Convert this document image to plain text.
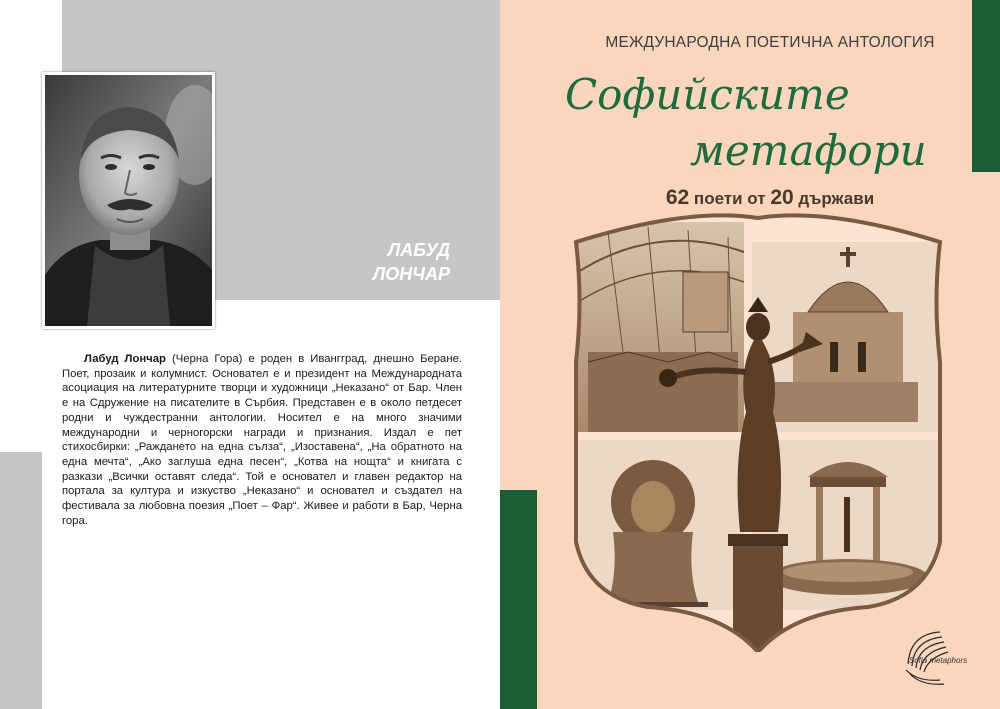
ЛАБУД
ЛОНЧАР

Лабуд Лончар (Черна Гора) е роден в Ивангград, днешно Беране. Поет, прозаик и колумнист. Основател е и президент на Международната асоциация на литературните творци и художници „Неказано“ от Бар. Член е на Сдружение на писателите в Сърбия. Представен е в около петдесет родни и чуждестранни антологии. Носител е на много значими международни и черногорски награди и признания. Издал е пет стихосбирки: „Раждането на една сълза“, „Изоставена“, „На обратното на една мечта“, „Ако заглуша една песен“, „Котва на нощта“ и книгата с разкази „Всички оставят следа“. Той е основател и главен редактор на портала за култура и изкуство „Неказано“ и основател и създател на фестивала за любовна поезия „Поет – Фар“. Живее и работи в Бар, Черна гора.

МЕЖДУНАРОДНА ПОЕТИЧНА АНТОЛОГИЯ
Софийските
метафори
62 поети от 20 държави
Sofia metaphors
